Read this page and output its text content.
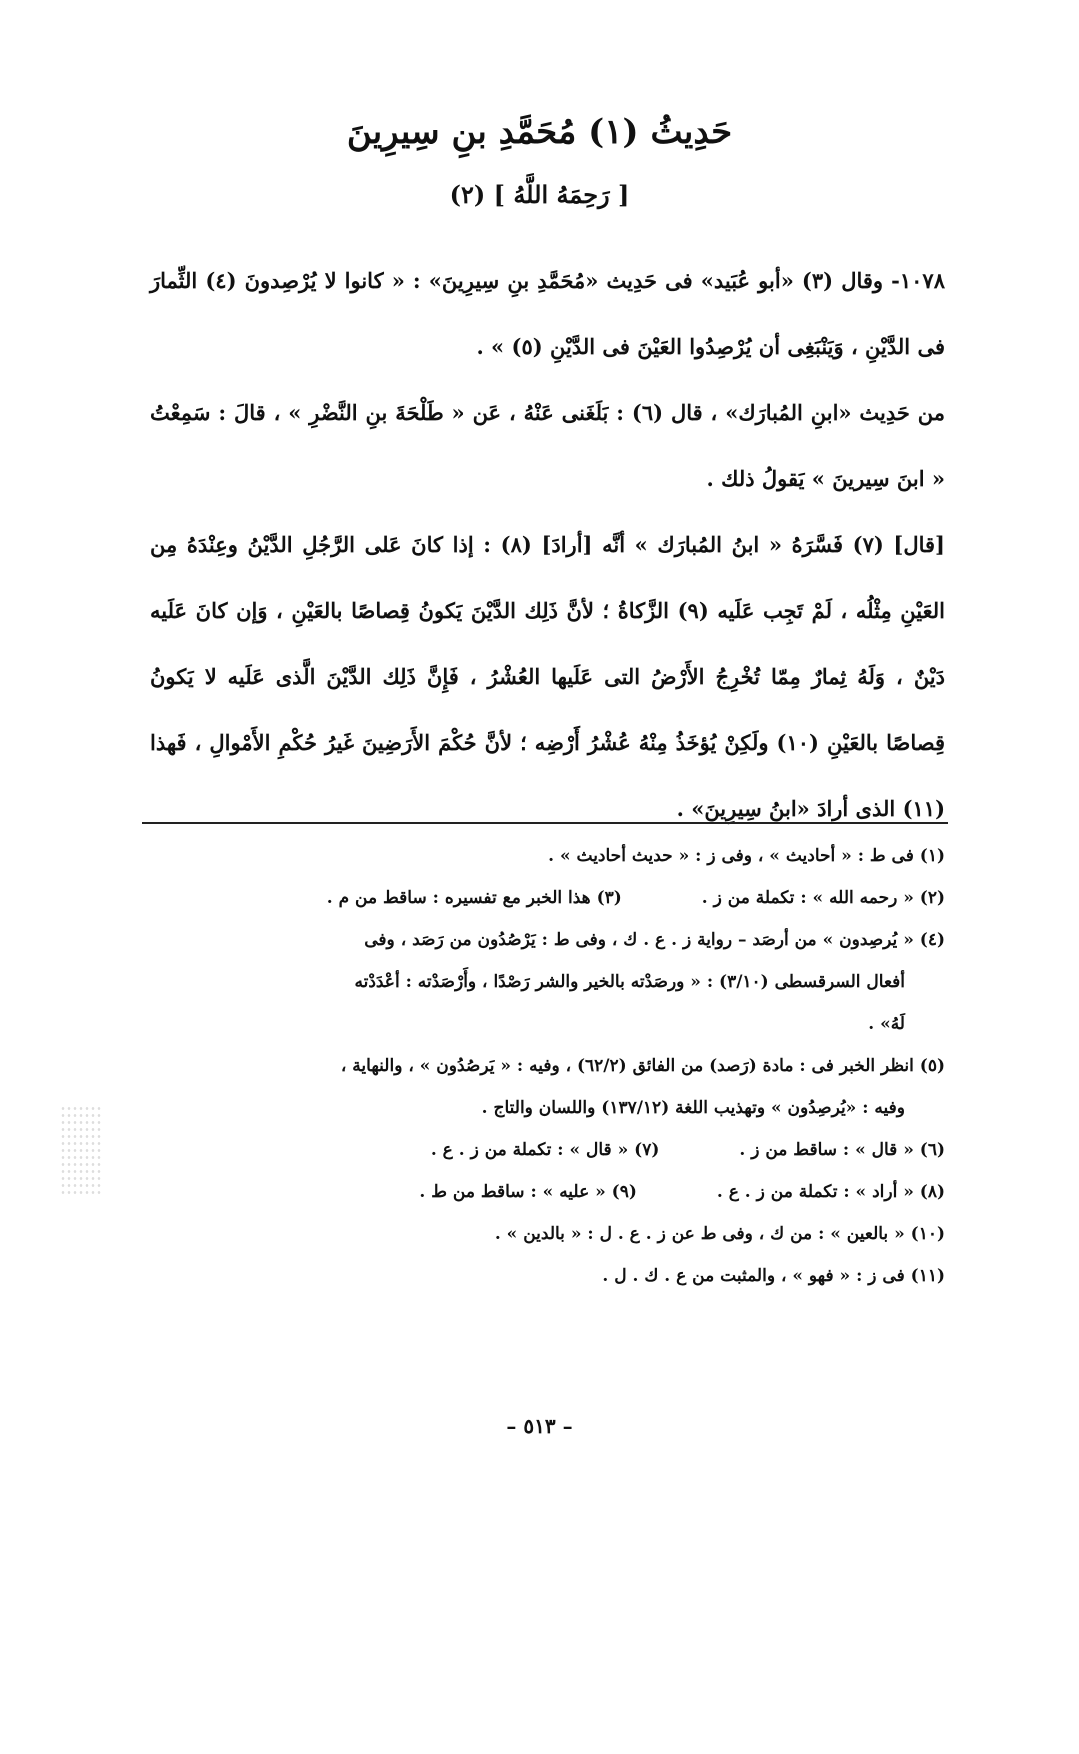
حَدِيثُ (١) مُحَمَّدِ بنِ سِيرِينَ
[ رَحِمَهُ اللَّهُ ] (٢)

١٠٧٨- وقال (٣) «أبو عُبَيد» فى حَدِيث «مُحَمَّدِ بنِ سِيرِينَ» : « كانوا لا يُرْصِدونَ (٤) الثِّمارَ فى الدَّيْنِ ، وَيَنْبَغِى أن يُرْصِدُوا العَيْنَ فى الدَّيْنِ (٥) » .

من حَدِيث «ابنِ المُبارَك» ، قال (٦) : بَلَغَنى عَنْهُ ، عَن « طَلْحَةَ بنِ النَّضْرِ » ، قالَ : سَمِعْتُ « ابنَ سِيرينَ » يَقولُ ذلك .

[قال] (٧) فَسَّرَهُ « ابنُ المُبارَك » أنَّه [أرادَ] (٨) : إذا كانَ عَلى الرَّجُلِ الدَّيْنُ وعِنْدَهُ مِن العَيْنِ مِثْلُه ، لَمْ تَجِب عَلَيه (٩) الزَّكاةُ ؛ لأنَّ ذَلِك الدَّيْنَ يَكونُ قِصاصًا بالعَيْنِ ، وَإن كانَ عَلَيه دَيْنٌ ، وَلَهُ ثِمارٌ مِمّا تُخْرِجُ الأَرْضُ التى عَلَيها العُشْرُ ، فَإِنَّ ذَلِك الدَّيْنَ الَّذى عَلَيه لا يَكونُ قِصاصًا بالعَيْنِ (١٠) ولَكِنْ يُؤخَذُ مِنْهُ عُشْرُ أَرْضِه ؛ لأنَّ حُكْمَ الأَرَضِينَ غَيرُ حُكْمِ الأَمْوالِ ، فَهذا (١١) الذى أرادَ «ابنُ سِيرِينَ» .

(١) فى ط : « أحاديث » ، وفى ز : « حديث أحاديث » .

(٢) « رحمه الله » : تكملة من ز .
(٣) هذا الخبر مع تفسيره : ساقط من م .

(٤) « يُرصِدون » من أرصَد – رواية ز . ع . ك ، وفى ط : يَرْصُدُون من رَصَد ، وفى

أفعال السرقسطى (٣/١٠) : « ورصَدْته بالخير والشر رَصْدًا ، وأَرْصَدْته : أعْدَدْته

لَهُ» .

(٥) انظر الخبر فى : مادة (رَصد) من الفائق (٦٢/٢) ، وفيه : « يَرصُدُون » ، والنهاية ،

وفيه : «يُرصِدُون » وتهذيب اللغة (١٣٧/١٢) واللسان والتاج .

(٦) « قال » : ساقط من ز .
(٧) « قال » : تكملة من ز . ع .
(٨) « أراد » : تكملة من ز . ع .
(٩) « عليه » : ساقط من ط .

(١٠) « بالعين » : من ك ، وفى ط عن ز . ع . ل : « بالدين » .

(١١) فى ز : « فهو » ، والمثبت من ع . ك . ل .

– ٥١٣ –
